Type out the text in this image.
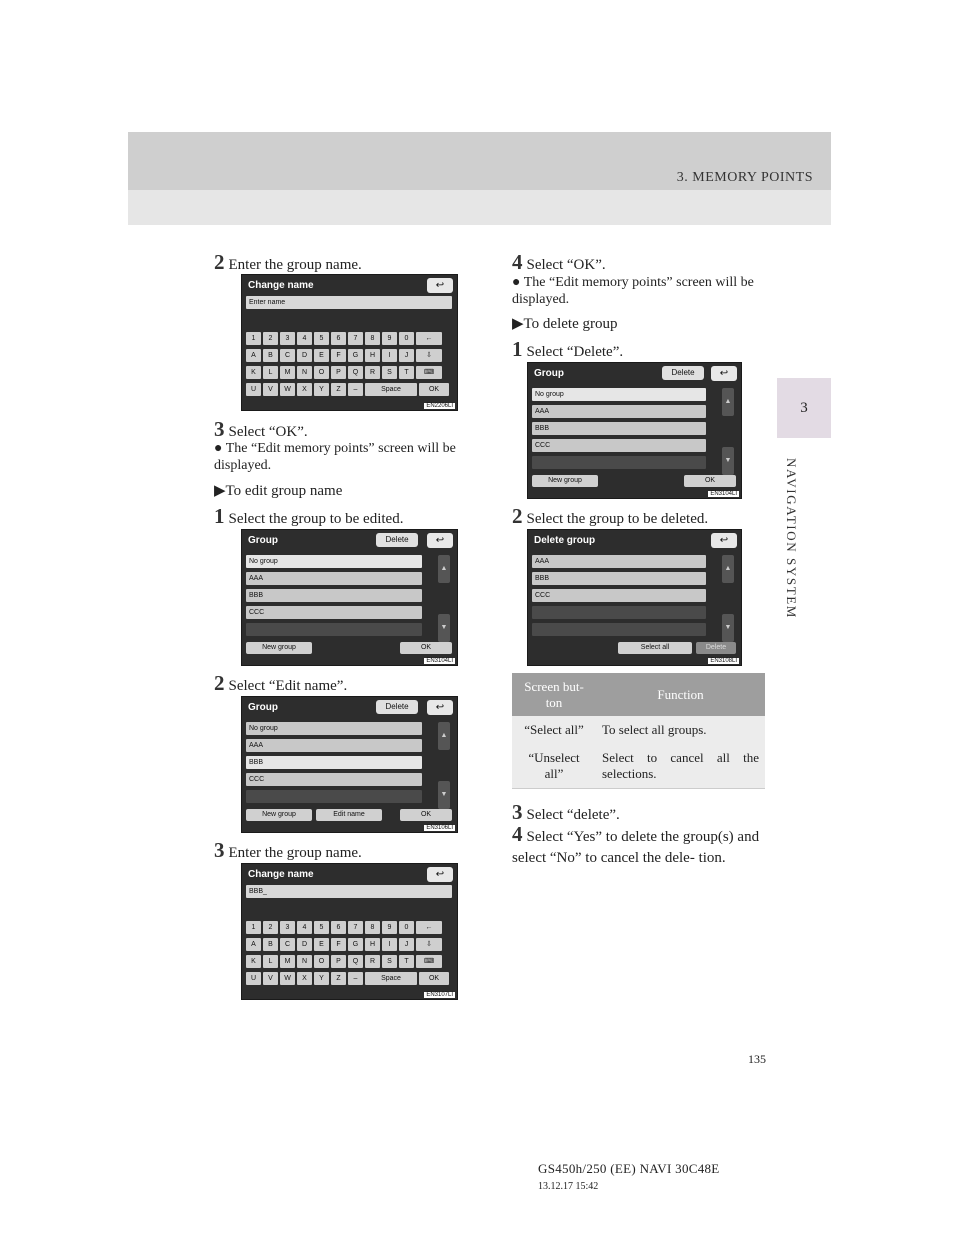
3. MEMORY POINTS
3
NAVIGATION SYSTEM
2 Enter the group name.
Change name	↩
Enter name
EN2206LI
1	2	3	4	5	6	7	8	9	0	←
A	B	C	D	E	F	G	H	I	J	⇩
K	L	M	N	O	P	Q	R	S	T	⌨
U	V	W	X	Y	Z	–	Space	OK
3 Select “OK”.
● The “Edit memory points” screen will be displayed.
▶To edit group name
1 Select the group to be edited.
Group	Delete	↩
No group
AAA
BBB
CCC
▲
▼
New group	OK
EN3104LI
2 Select “Edit name”.
Group	Delete	↩
No group
AAA
BBB
CCC
▲
▼
New group	Edit name	OK
EN3106LI
3 Enter the group name.
Change name	↩
BBB_
EN3107LI
1	2	3	4	5	6	7	8	9	0	←
A	B	C	D	E	F	G	H	I	J	⇩
K	L	M	N	O	P	Q	R	S	T	⌨
U	V	W	X	Y	Z	–	Space	OK
4 Select “OK”.
● The “Edit memory points” screen will be displayed.
▶To delete group
1 Select “Delete”.
Group	Delete	↩
No group
AAA
BBB
CCC
▲
▼
New group	OK
EN3104LI
2 Select the group to be deleted.
Delete group	↩
AAA
BBB
CCC
▲
▼
Select all	Delete
EN3108LI
Screen but- ton	Function
“Select all”	To select all groups.
“Unselect all”	Select to cancel all the selections.
3 Select “delete”.
4 Select “Yes” to delete the group(s) and select “No” to cancel the dele- tion.
135
GS450h/250 (EE) NAVI 30C48E
13.12.17 15:42
